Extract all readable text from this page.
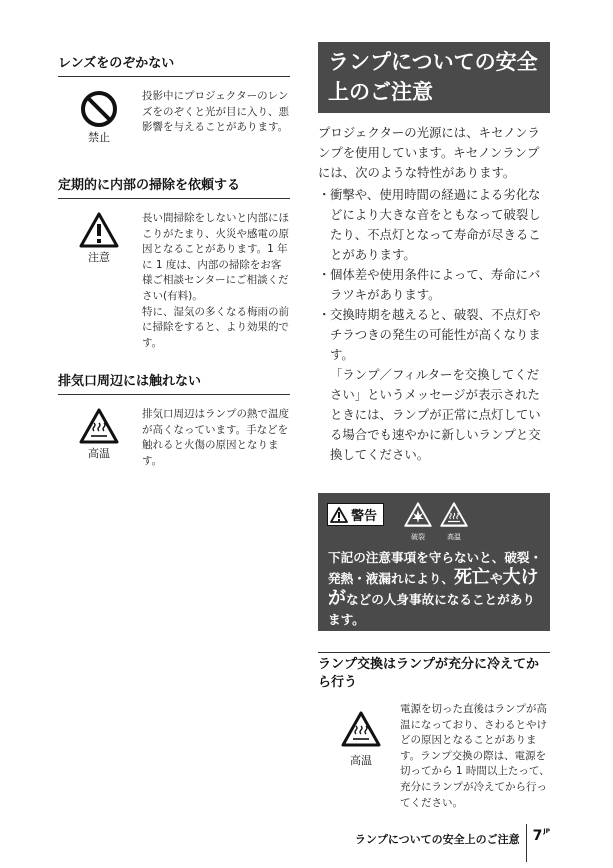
レンズをのぞかない
禁止

投影中にプロジェクターのレンズをのぞくと光が目に入り、悪影響を与えることがあります。

定期的に内部の掃除を依頼する
注意

長い間掃除をしないと内部にほこりがたまり、火災や感電の原因となることがあります。1 年に 1 度は、内部の掃除をお客様ご相談センターにご相談ください(有料)。

特に、湿気の多くなる梅雨の前に掃除をすると、より効果的です。

排気口周辺には触れない
高温

排気口周辺はランプの熱で温度が高くなっています。手などを触れると火傷の原因となります。

ランプについての安全上のご注意
プロジェクターの光源には、キセノンランプを使用しています。キセノンランプには、次のような特性があります。
・ 衝撃や、使用時間の経過による劣化などにより大きな音をともなって破裂したり、不点灯となって寿命が尽きることがあります。

・ 個体差や使用条件によって、寿命にバラツキがあります。

・ 交換時期を越えると、破裂、不点灯やチラつきの発生の可能性が高くなります。

「ランプ／フィルターを交換してください」というメッセージが表示されたときには、ランプが正常に点灯している場合でも速やかに新しいランプと交換してください。

警告
破裂	高温
下記の注意事項を守らないと、破裂・発熱・液漏れにより、死亡や大けがなどの人身事故になることがあります。
ランプ交換はランプが充分に冷えてから行う
高温

電源を切った直後はランプが高温になっており、さわるとやけどの原因となることがあります。ランプ交換の際は、電源を切ってから 1 時間以上たって、充分にランプが冷えてから行ってください。

ランプについての安全上のご注意 7$^{JP}$
